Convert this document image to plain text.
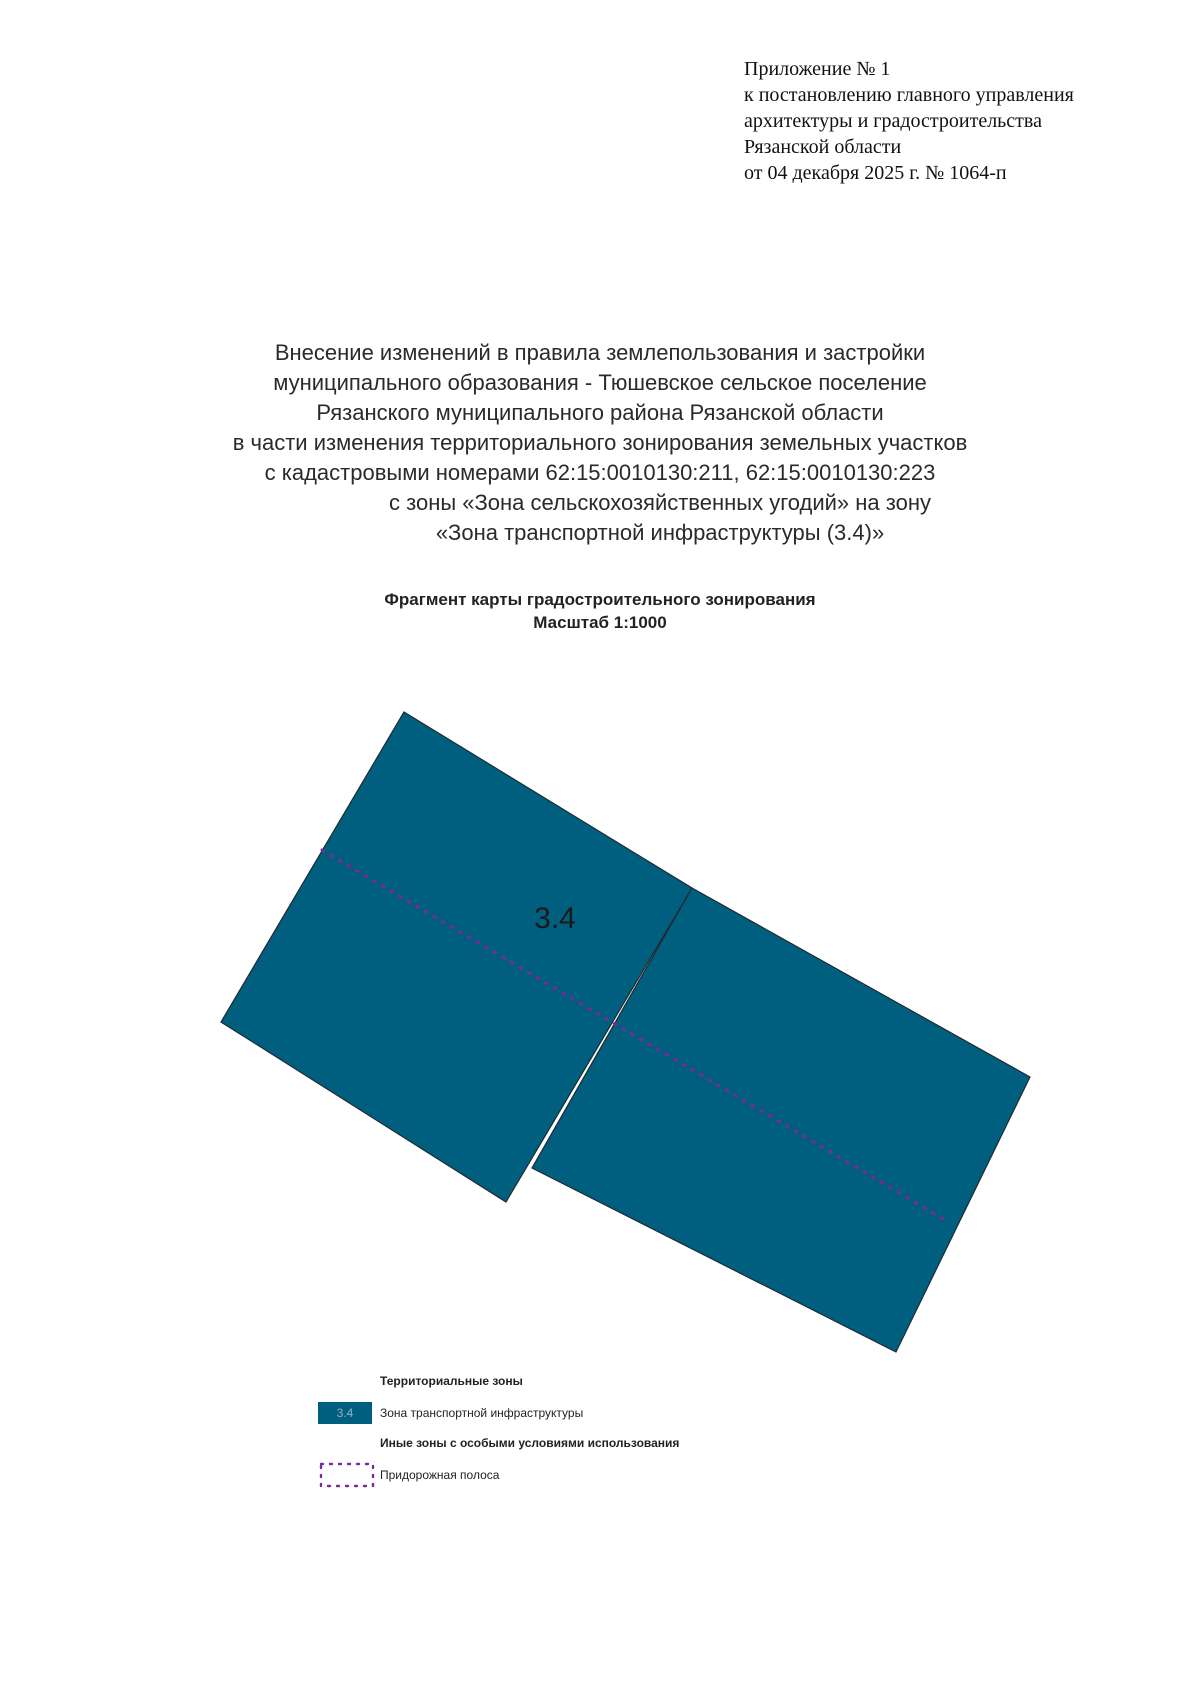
Приложение № 1
к постановлению главного управления
архитектуры и градостроительства
Рязанской области
от 04 декабря 2025 г. № 1064-п
Внесение изменений в правила землепользования и застройки
муниципального образования - Тюшевское сельское поселение
Рязанского муниципального района Рязанской области
в части изменения территориального зонирования земельных участков
с кадастровыми номерами 62:15:0010130:211, 62:15:0010130:223
с зоны «Зона сельскохозяйственных угодий» на зону
«Зона транспортной инфраструктуры (3.4)»
Фрагмент карты градостроительного зонирования
Масштаб 1:1000
3.4
Территориальные зоны
3.4	Зона транспортной инфраструктуры
Иные зоны с особыми условиями использования
Придорожная полоса
